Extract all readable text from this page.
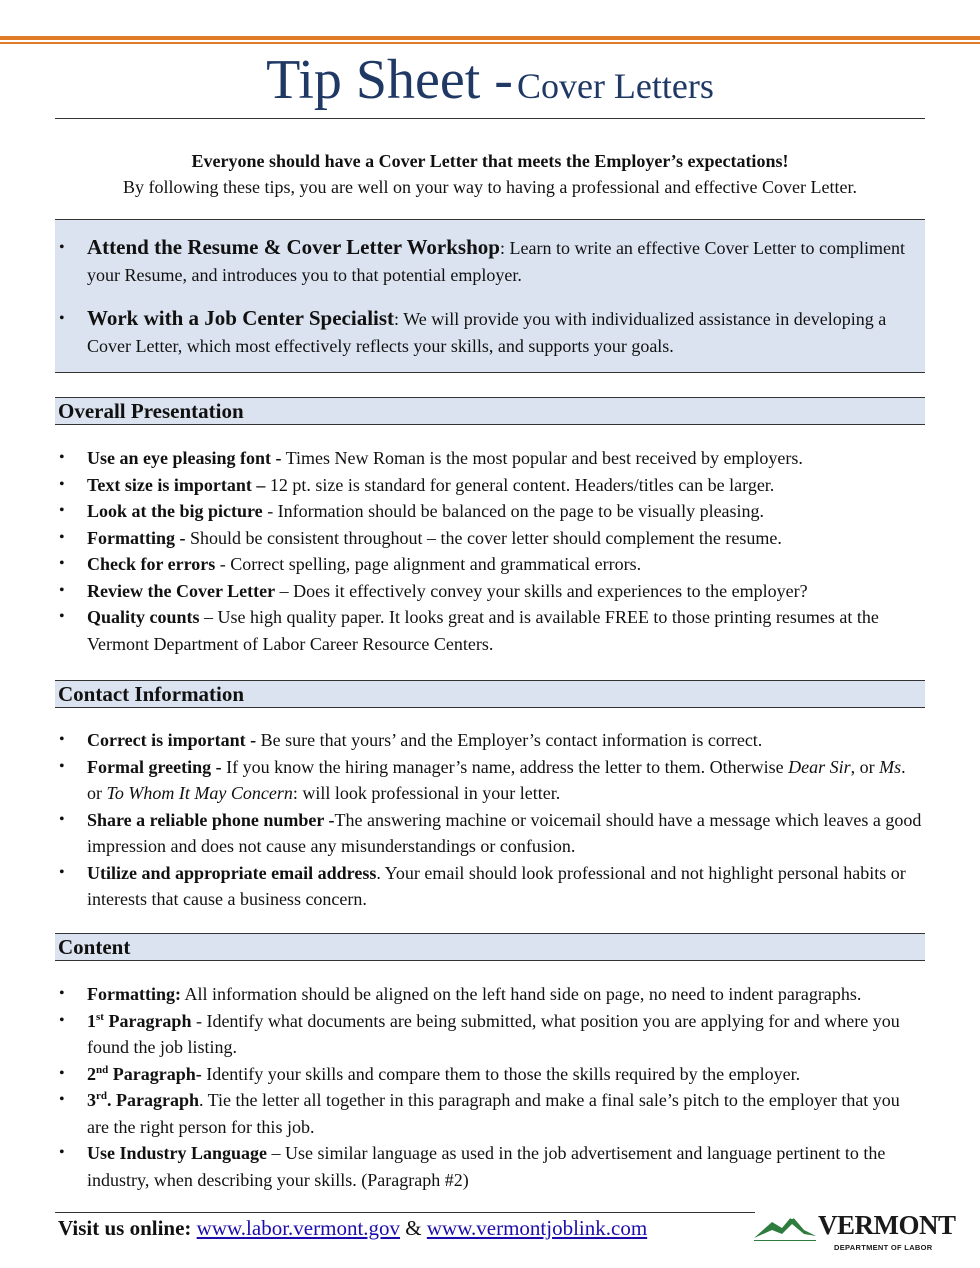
Tip Sheet - Cover Letters
Everyone should have a Cover Letter that meets the Employer’s expectations!
By following these tips, you are well on your way to having a professional and effective Cover Letter.
• Attend the Resume & Cover Letter Workshop: Learn to write an effective Cover Letter to compliment your Resume, and introduces you to that potential employer.
• Work with a Job Center Specialist: We will provide you with individualized assistance in developing a Cover Letter, which most effectively reflects your skills, and supports your goals.
Overall Presentation
• Use an eye pleasing font - Times New Roman is the most popular and best received by employers.
• Text size is important – 12 pt. size is standard for general content. Headers/titles can be larger.
• Look at the big picture - Information should be balanced on the page to be visually pleasing.
• Formatting - Should be consistent throughout – the cover letter should complement the resume.
• Check for errors - Correct spelling, page alignment and grammatical errors.
• Review the Cover Letter – Does it effectively convey your skills and experiences to the employer?
• Quality counts – Use high quality paper. It looks great and is available FREE to those printing resumes at the Vermont Department of Labor Career Resource Centers.
Contact Information
• Correct is important - Be sure that yours’ and the Employer’s contact information is correct.
• Formal greeting - If you know the hiring manager’s name, address the letter to them. Otherwise Dear Sir, or Ms. or To Whom It May Concern: will look professional in your letter.
• Share a reliable phone number -The answering machine or voicemail should have a message which leaves a good impression and does not cause any misunderstandings or confusion.
• Utilize and appropriate email address. Your email should look professional and not highlight personal habits or interests that cause a business concern.
Content
• Formatting: All information should be aligned on the left hand side on page, no need to indent paragraphs.
• 1st Paragraph - Identify what documents are being submitted, what position you are applying for and where you found the job listing.
• 2nd Paragraph- Identify your skills and compare them to those the skills required by the employer.
• 3rd. Paragraph. Tie the letter all together in this paragraph and make a final sale’s pitch to the employer that you are the right person for this job.
• Use Industry Language – Use similar language as used in the job advertisement and language pertinent to the industry, when describing your skills. (Paragraph #2)
Visit us online: www.labor.vermont.gov & www.vermontjoblink.com	VERMONT
DEPARTMENT OF LABOR
